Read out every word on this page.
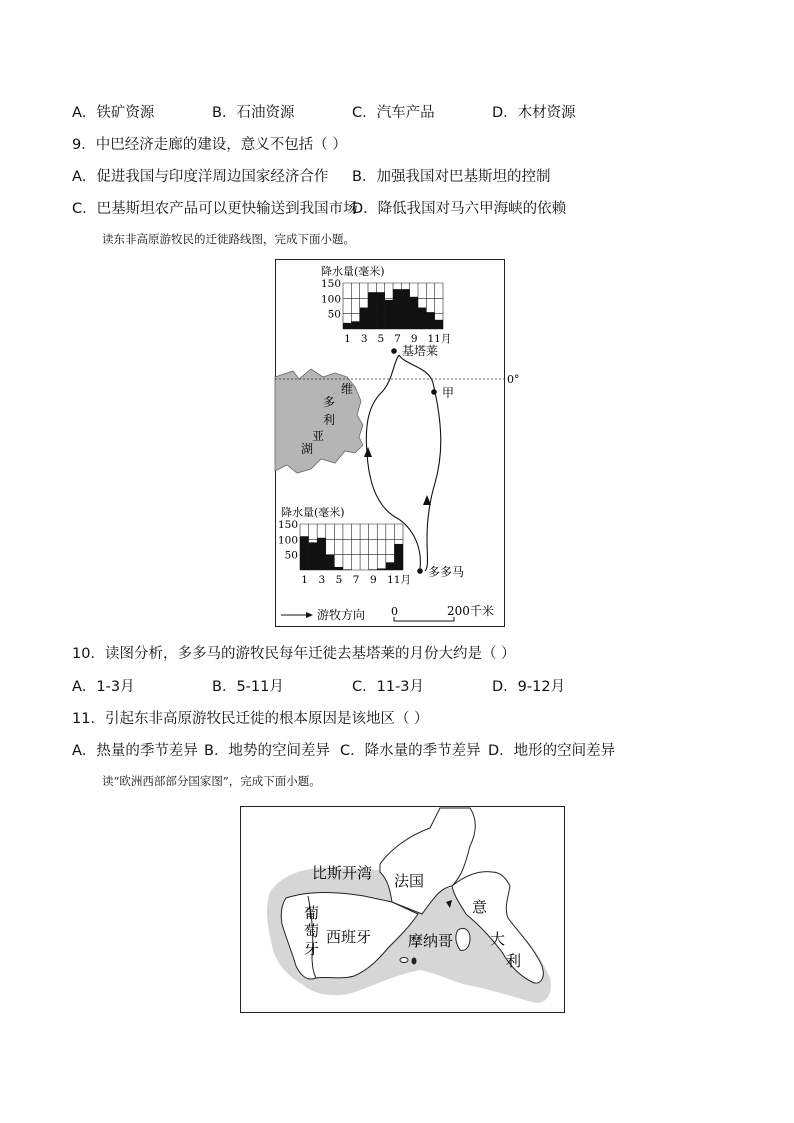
A．铁矿资源	B．石油资源	C．汽车产品	D．木材资源
9．中巴经济走廊的建设，意义不包括（ ）
A．促进我国与印度洋周边国家经济合作 B．加强我国对巴基斯坦的控制
C．巴基斯坦农产品可以更快输送到我国市场
D．降低我国对马六甲海峡的依赖
读东非高原游牧民的迁徙路线图，完成下面小题。
维
多
利
亚
湖
0°
基塔莱
甲
多多马
降水量(毫米)
150
100
50
1 3 5 7 9 11月
降水量(毫米)
150
100
50
1 3 5 7 9 11月
游牧方向 0	200千米
10．读图分析，多多马的游牧民每年迁徙去基塔莱的月份大约是（ ）
A．1-3月	B．5-11月	C．11-3月	D．9-12月
11．引起东非高原游牧民迁徙的根本原因是该地区（ ）
A．热量的季节差异 B．地势的空间差异 C．降水量的季节差异 D．地形的空间差异
读“欧洲西部部分国家图”，完成下面小题。
比斯开湾 法国
葡
萄
牙
西班牙 摩纳哥
意
大
利
